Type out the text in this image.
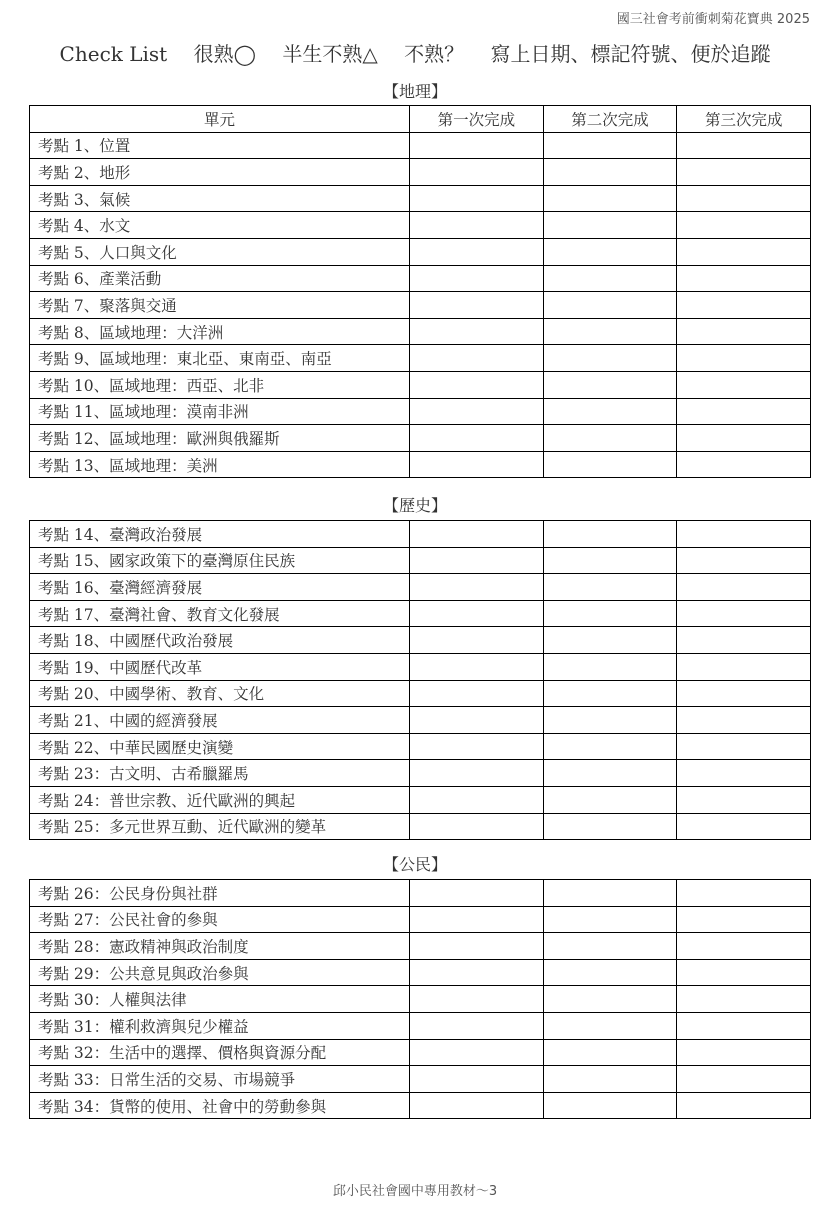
國三社會考前衝刺菊花寶典 2025
Check List 很熟◯ 半生不熟△ 不熟？ 寫上日期、標記符號、便於追蹤
【地理】
單元	第一次完成	第二次完成	第三次完成
考點 1、位置			
考點 2、地形			
考點 3、氣候			
考點 4、水文			
考點 5、人口與文化			
考點 6、產業活動			
考點 7、聚落與交通			
考點 8、區域地理：大洋洲			
考點 9、區域地理：東北亞、東南亞、南亞			
考點 10、區域地理：西亞、北非			
考點 11、區域地理：漠南非洲			
考點 12、區域地理：歐洲與俄羅斯			
考點 13、區域地理：美洲			
【歷史】
考點 14、臺灣政治發展			
考點 15、國家政策下的臺灣原住民族			
考點 16、臺灣經濟發展			
考點 17、臺灣社會、教育文化發展			
考點 18、中國歷代政治發展			
考點 19、中國歷代改革			
考點 20、中國學術、教育、文化			
考點 21、中國的經濟發展			
考點 22、中華民國歷史演變			
考點 23：古文明、古希臘羅馬			
考點 24：普世宗教、近代歐洲的興起			
考點 25：多元世界互動、近代歐洲的變革			
【公民】
考點 26：公民身份與社群			
考點 27：公民社會的參與			
考點 28：憲政精神與政治制度			
考點 29：公共意見與政治參與			
考點 30：人權與法律			
考點 31：權利救濟與兒少權益			
考點 32：生活中的選擇、價格與資源分配			
考點 33：日常生活的交易、市場競爭			
考點 34：貨幣的使用、社會中的勞動參與			
邱小民社會國中專用教材～3
